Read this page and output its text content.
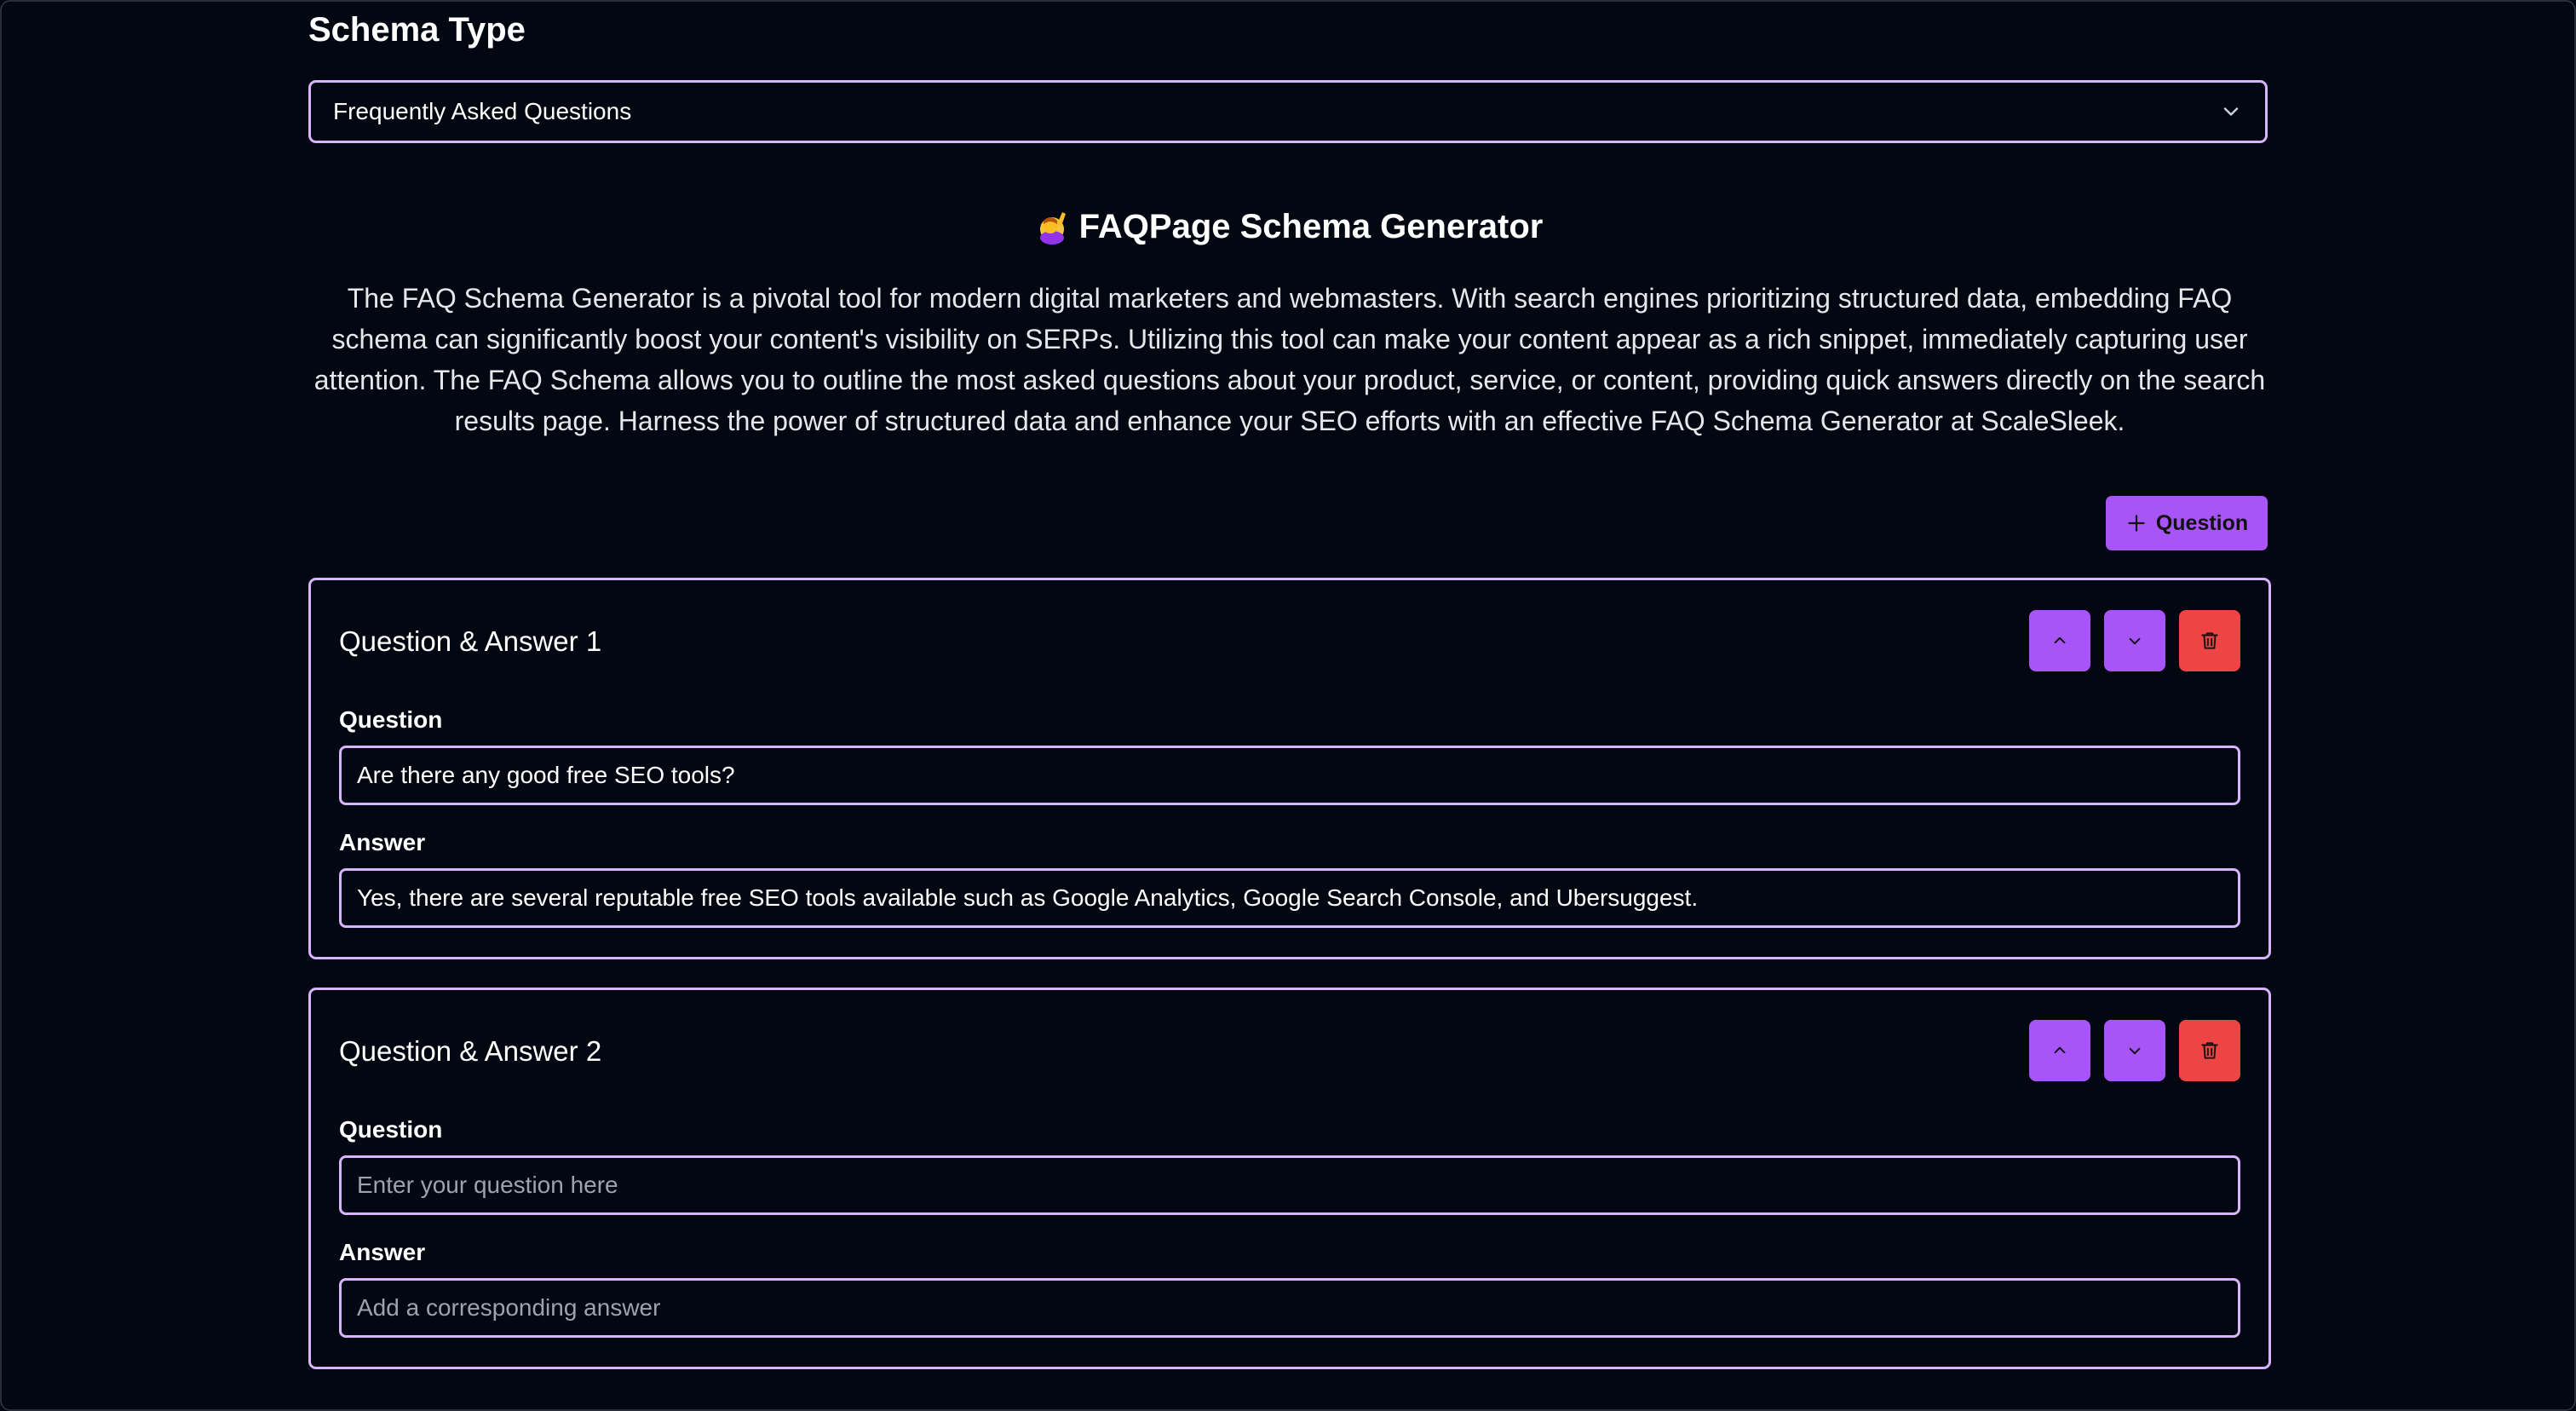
Schema Type
Frequently Asked Questions
FAQPage Schema Generator

The FAQ Schema Generator is a pivotal tool for modern digital marketers and webmasters. With search engines prioritizing structured data, embedding FAQ schema can significantly boost your content's visibility on SERPs. Utilizing this tool can make your content appear as a rich snippet, immediately capturing user attention. The FAQ Schema allows you to outline the most asked questions about your product, service, or content, providing quick answers directly on the search results page. Harness the power of structured data and enhance your SEO efforts with an effective FAQ Schema Generator at ScaleSleek.

Question
Question & Answer 1
Question
Are there any good free SEO tools?
Answer
Yes, there are several reputable free SEO tools available such as Google Analytics, Google Search Console, and Ubersuggest.
Question & Answer 2
Question
Enter your question here
Answer
Add a corresponding answer
